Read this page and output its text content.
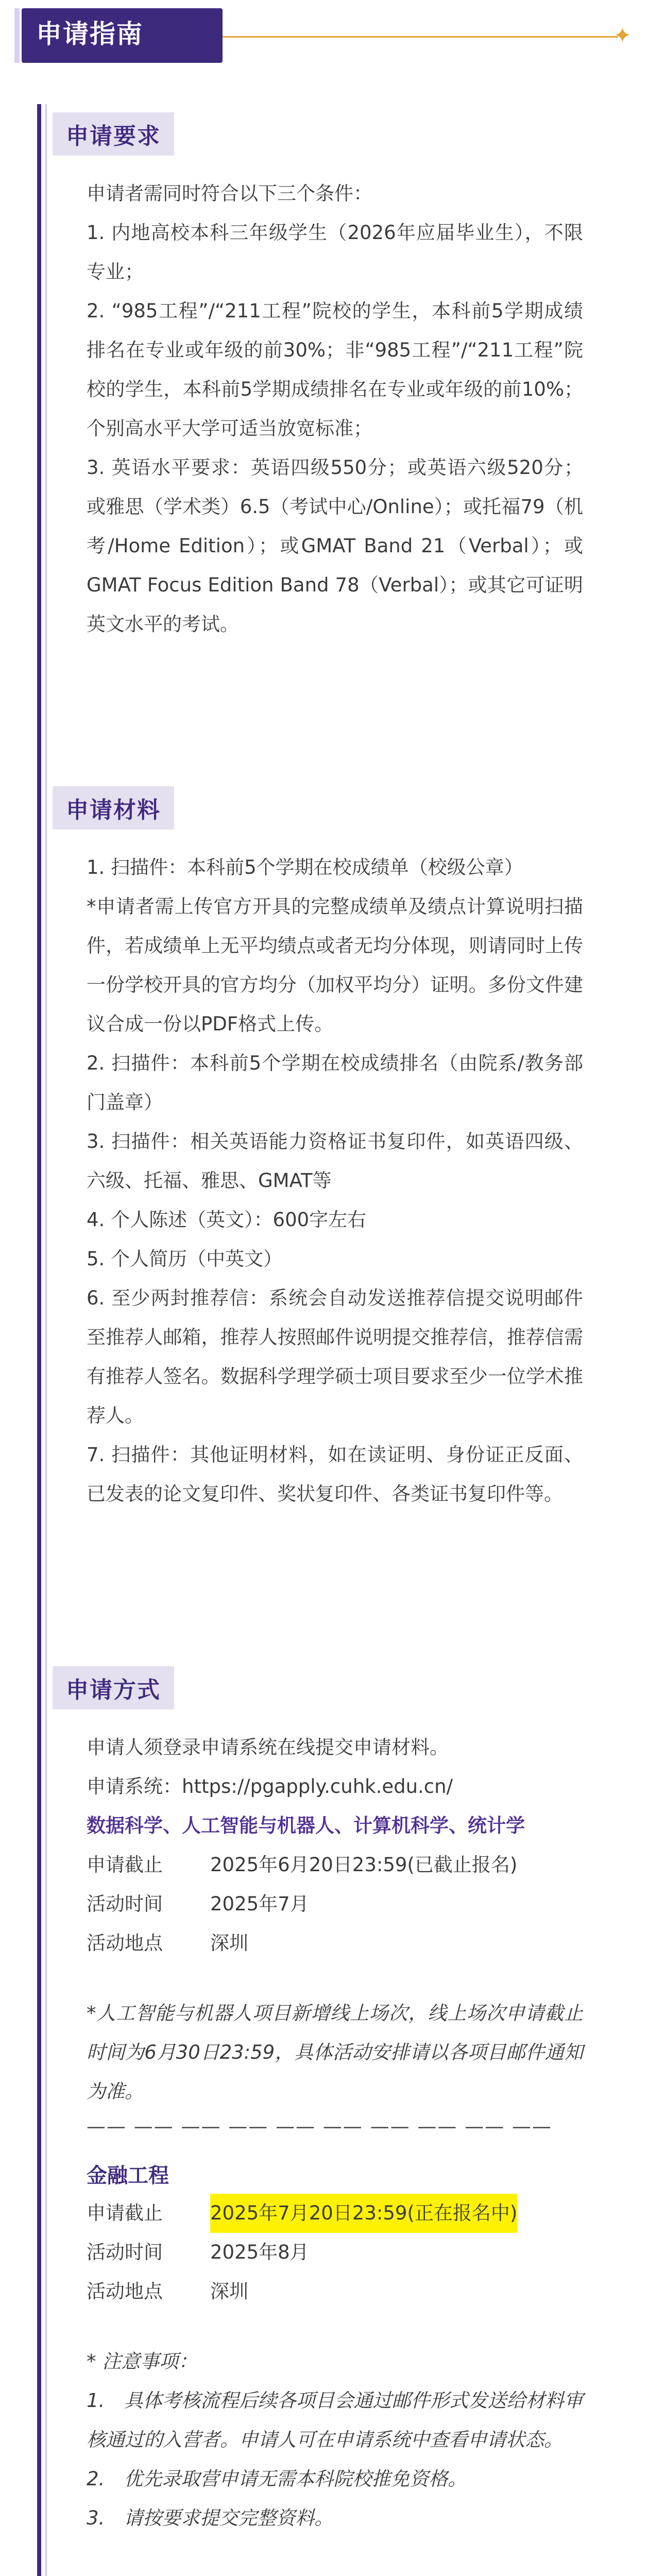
申请指南	✦
申请要求

申请者需同时符合以下三个条件：

1. 内地高校本科三年级学生（2026年应届毕业生），不限专业；

2. “985工程”/“211工程”院校的学生，本科前5学期成绩排名在专业或年级的前30%；非“985工程”/“211工程”院校的学生，本科前5学期成绩排名在专业或年级的前10%；个别高水平大学可适当放宽标准；

3. 英语水平要求：英语四级550分；或英语六级520分；或雅思（学术类）6.5（考试中心/Online）；或托福79（机考/Home Edition）；或GMAT Band 21（Verbal）；或GMAT Focus Edition Band 78（Verbal）；或其它可证明英文水平的考试。

申请材料

1. 扫描件：本科前5个学期在校成绩单（校级公章）

*申请者需上传官方开具的完整成绩单及绩点计算说明扫描件，若成绩单上无平均绩点或者无均分体现，则请同时上传一份学校开具的官方均分（加权平均分）证明。多份文件建议合成一份以PDF格式上传。

2. 扫描件：本科前5个学期在校成绩排名（由院系/教务部门盖章）

3. 扫描件：相关英语能力资格证书复印件，如英语四级、六级、托福、雅思、GMAT等

4. 个人陈述（英文）：600字左右

5. 个人简历（中英文）

6. 至少两封推荐信：系统会自动发送推荐信提交说明邮件至推荐人邮箱，推荐人按照邮件说明提交推荐信，推荐信需有推荐人签名。数据科学理学硕士项目要求至少一位学术推荐人。

7. 扫描件：其他证明材料，如在读证明、身份证正反面、已发表的论文复印件、奖状复印件、各类证书复印件等。

申请方式

申请人须登录申请系统在线提交申请材料。

申请系统：https://pgapply.cuhk.edu.cn/

数据科学、人工智能与机器人、计算机科学、统计学

申请截止	2025年6月20日23:59(已截止报名)
活动时间	2025年7月
活动地点	深圳

*人工智能与机器人项目新增线上场次，线上场次申请截止时间为6月30日23:59，具体活动安排请以各项目邮件通知为准。

—— —— —— —— —— —— —— —— —— ——

金融工程

申请截止	2025年7月20日23:59(正在报名中)
活动时间	2025年8月
活动地点	深圳

* 注意事项：

1.　具体考核流程后续各项目会通过邮件形式发送给材料审核通过的入营者。申请人可在申请系统中查看申请状态。

2.　优先录取营申请无需本科院校推免资格。

3.　请按要求提交完整资料。
